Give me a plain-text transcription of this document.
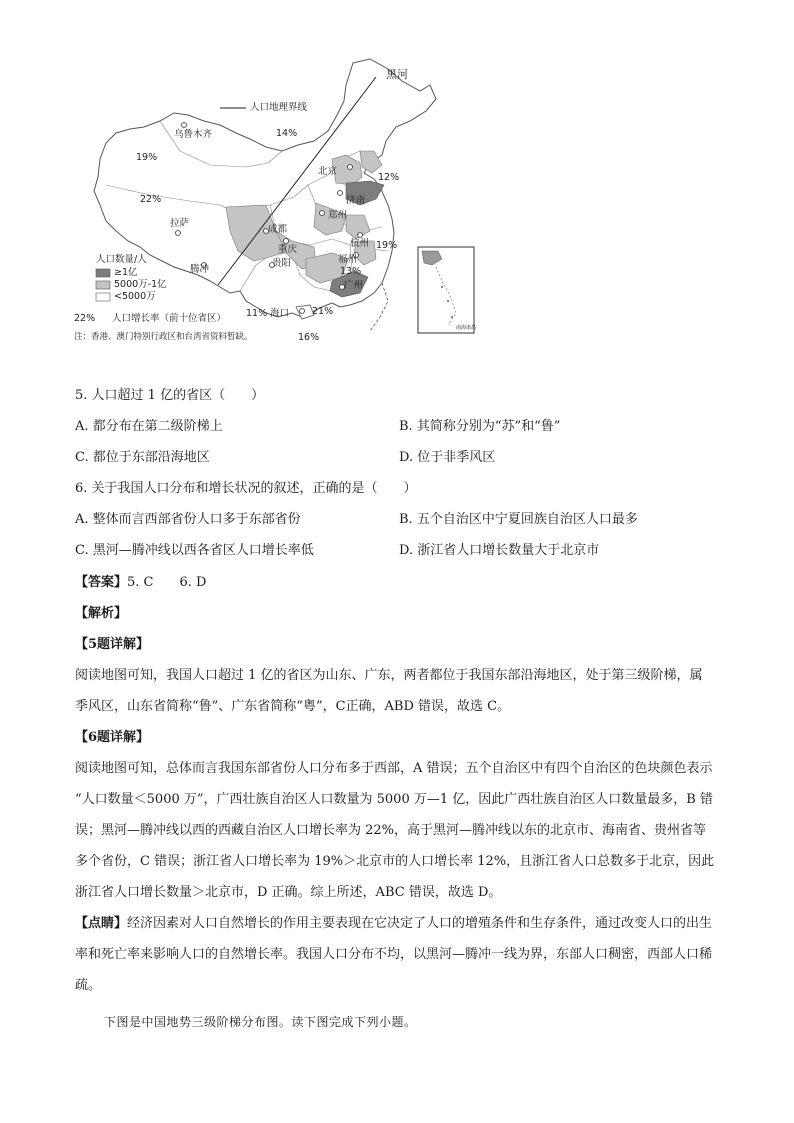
黑河
人口地理界线
乌鲁木齐	14%
19%
北京
12%
22%	济南
郑州
拉萨
成都
杭州 19%
重庆
人口数量/人	贵阳	福州
13%
腾冲
≥1亿
5000万-1亿	广州
<5000万
11% 海口 21%
22% 人口增长率（前十位省区）
注：香港、澳门特别行政区和台湾省资料暂缺。	16%
南海诸岛
5. 人口超过 1 亿的省区（　　）
A. 都分布在第二级阶梯上	B. 其简称分别为“苏”和“鲁”
C. 都位于东部沿海地区	D. 位于非季风区
6. 关于我国人口分布和增长状况的叙述，正确的是（　　）
A. 整体而言西部省份人口多于东部省份	B. 五个自治区中宁夏回族自治区人口最多
C. 黑河—腾冲线以西各省区人口增长率低	D. 浙江省人口增长数量大于北京市
【答案】5. C　　6. D
【解析】
【5题详解】
阅读地图可知，我国人口超过 1 亿的省区为山东、广东，两者都位于我国东部沿海地区，处于第三级阶梯，属季风区，山东省简称“鲁”、广东省简称“粤”，C正确，ABD 错误，故选 C。
【6题详解】
阅读地图可知，总体而言我国东部省份人口分布多于西部，A 错误；五个自治区中有四个自治区的色块颜色表示 “人口数量＜5000 万”，广西壮族自治区人口数量为 5000 万—1 亿，因此广西壮族自治区人口数量最多，B 错误；黑河—腾冲线以西的西藏自治区人口增长率为 22%，高于黑河—腾冲线以东的北京市、海南省、贵州省等多个省份，C 错误；浙江省人口增长率为 19%＞北京市的人口增长率 12%，且浙江省人口总数多于北京，因此浙江省人口增长数量＞北京市，D 正确。综上所述，ABC 错误，故选 D。
【点睛】经济因素对人口自然增长的作用主要表现在它决定了人口的增殖条件和生存条件，通过改变人口的出生率和死亡率来影响人口的自然增长率。我国人口分布不均，以黑河—腾冲一线为界，东部人口稠密，西部人口稀疏。
下图是中国地势三级阶梯分布图。读下图完成下列小题。
